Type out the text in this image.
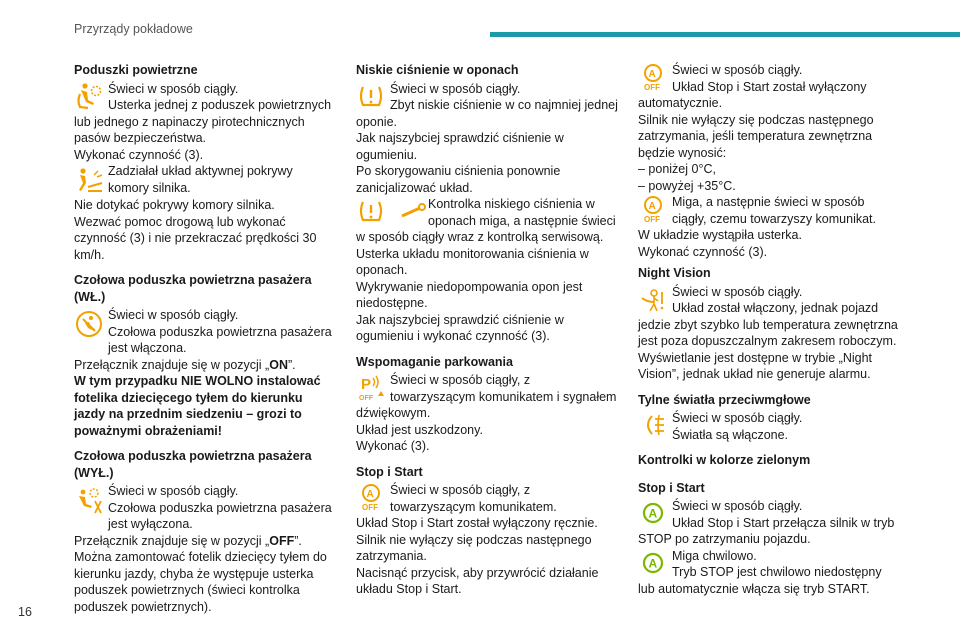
Przyrządy pokładowe
16
Poduszki powietrzne

Świeci w sposób ciągły.

Usterka jednej z poduszek powietrznych lub jednego z napinaczy pirotechnicznych pasów bezpieczeństwa.

Wykonać czynność (3).

Zadziałał układ aktywnej pokrywy komory silnika.

Nie dotykać pokrywy komory silnika.

Wezwać pomoc drogową lub wykonać czynność (3) i nie przekraczać prędkości 30 km/h.

Czołowa poduszka powietrzna pasażera (WŁ.)

Świeci w sposób ciągły.

Czołowa poduszka powietrzna pasażera jest włączona.

Przełącznik znajduje się w pozycji „ON”.

W tym przypadku NIE WOLNO instalować fotelika dziecięcego tyłem do kierunku jazdy na przednim siedzeniu – grozi to poważnymi obrażeniami!

Czołowa poduszka powietrzna pasażera (WYŁ.)

Świeci w sposób ciągły.

Czołowa poduszka powietrzna pasażera jest wyłączona.

Przełącznik znajduje się w pozycji „OFF”.

Można zamontować fotelik dziecięcy tyłem do kierunku jazdy, chyba że występuje usterka poduszek powietrznych (świeci kontrolka poduszek powietrznych).

Niskie ciśnienie w oponach

Świeci w sposób ciągły.

Zbyt niskie ciśnienie w co najmniej jednej oponie.

Jak najszybciej sprawdzić ciśnienie w ogumieniu.

Po skorygowaniu ciśnienia ponownie zanicjalizować układ.

Kontrolka niskiego ciśnienia w oponach miga, a następnie świeci w sposób ciągły wraz z kontrolką serwisową.

Usterka układu monitorowania ciśnienia w oponach.

Wykrywanie niedopompowania opon jest niedostępne.

Jak najszybciej sprawdzić ciśnienie w ogumieniu i wykonać czynność (3).

Wspomaganie parkowania
P
OFF

Świeci w sposób ciągły, z towarzyszącym komunikatem i sygnałem dźwiękowym.

Układ jest uszkodzony.

Wykonać (3).

Stop i Start
A
OFF

Świeci w sposób ciągły, z towarzyszącym komunikatem.

Układ Stop i Start został wyłączony ręcznie.

Silnik nie wyłączy się podczas następnego zatrzymania.

Nacisnąć przycisk, aby przywrócić działanie układu Stop i Start.

A
OFF

Świeci w sposób ciągły.

Układ Stop i Start został wyłączony automatycznie.

Silnik nie wyłączy się podczas następnego zatrzymania, jeśli temperatura zewnętrzna będzie wynosić:

– poniżej 0°C,

– powyżej +35°C.

A
OFF

Miga, a następnie świeci w sposób ciągły, czemu towarzyszy komunikat.

W układzie wystąpiła usterka.

Wykonać czynność (3).

Night Vision

Świeci w sposób ciągły.

Układ został włączony, jednak pojazd jedzie zbyt szybko lub temperatura zewnętrzna jest poza dopuszczalnym zakresem roboczym.

Wyświetlanie jest dostępne w trybie „Night Vision”, jednak układ nie generuje alarmu.

Tylne światła przeciwmgłowe

Świeci w sposób ciągły.

Światła są włączone.

Kontrolki w kolorze zielonym
Stop i Start
A

Świeci w sposób ciągły.

Układ Stop i Start przełącza silnik w tryb STOP po zatrzymaniu pojazdu.

A

Miga chwilowo.

Tryb STOP jest chwilowo niedostępny lub automatycznie włącza się tryb START.
